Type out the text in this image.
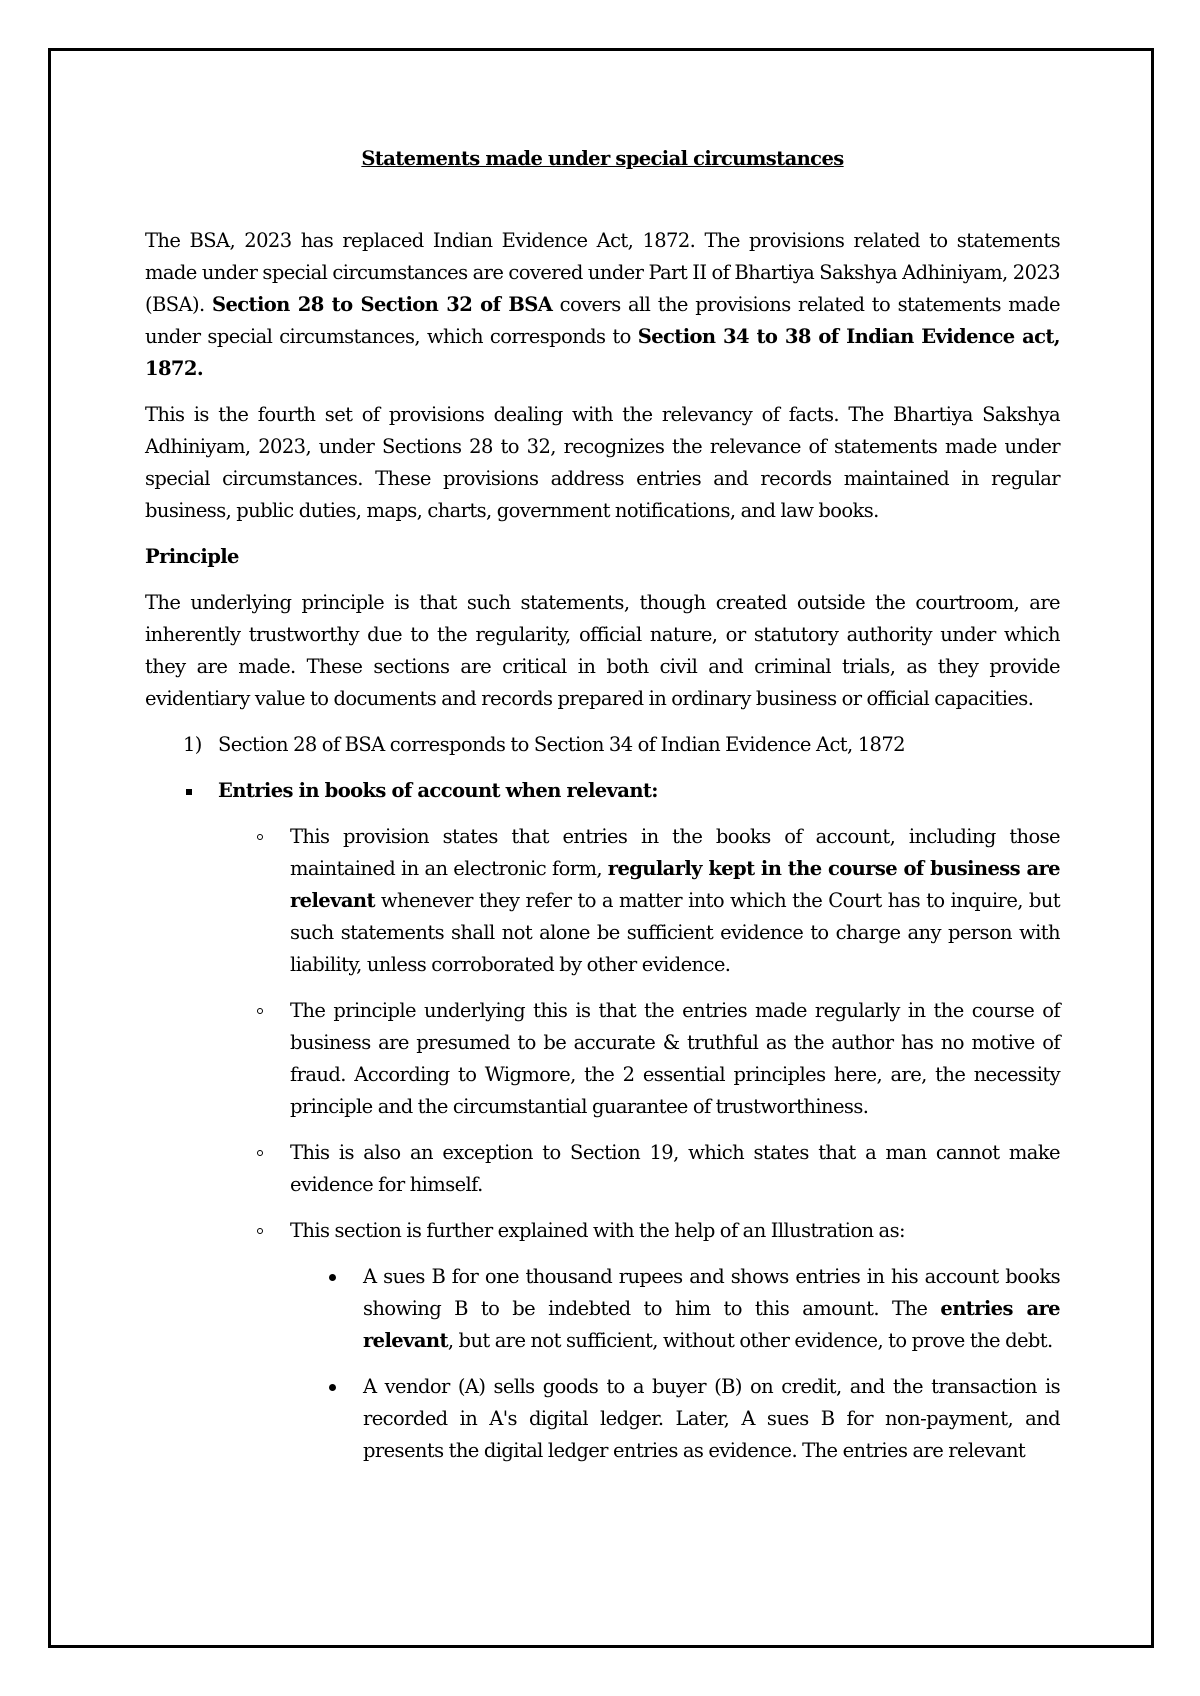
Statements made under special circumstances

The BSA, 2023 has replaced Indian Evidence Act, 1872. The provisions related to statements made under special circumstances are covered under Part II of Bhartiya Sakshya Adhiniyam, 2023 (BSA). Section 28 to Section 32 of BSA covers all the provisions related to statements made under special circumstances, which corresponds to Section 34 to 38 of Indian Evidence act, 1872.

This is the fourth set of provisions dealing with the relevancy of facts. The Bhartiya Sakshya Adhiniyam, 2023, under Sections 28 to 32, recognizes the relevance of statements made under special circumstances. These provisions address entries and records maintained in regular business, public duties, maps, charts, government notifications, and law books.

Principle

The underlying principle is that such statements, though created outside the courtroom, are inherently trustworthy due to the regularity, official nature, or statutory authority under which they are made. These sections are critical in both civil and criminal trials, as they provide evidentiary value to documents and records prepared in ordinary business or official capacities.

1) Section 28 of BSA corresponds to Section 34 of Indian Evidence Act, 1872
Entries in books of account when relevant:
This provision states that entries in the books of account, including those maintained in an electronic form, regularly kept in the course of business are relevant whenever they refer to a matter into which the Court has to inquire, but such statements shall not alone be sufficient evidence to charge any person with liability, unless corroborated by other evidence.
The principle underlying this is that the entries made regularly in the course of business are presumed to be accurate & truthful as the author has no motive of fraud. According to Wigmore, the 2 essential principles here, are, the necessity principle and the circumstantial guarantee of trustworthiness.
This is also an exception to Section 19, which states that a man cannot make evidence for himself.
This section is further explained with the help of an Illustration as:
A sues B for one thousand rupees and shows entries in his account books showing B to be indebted to him to this amount. The entries are relevant, but are not sufficient, without other evidence, to prove the debt.
A vendor (A) sells goods to a buyer (B) on credit, and the transaction is recorded in A's digital ledger. Later, A sues B for non-payment, and presents the digital ledger entries as evidence. The entries are relevant
